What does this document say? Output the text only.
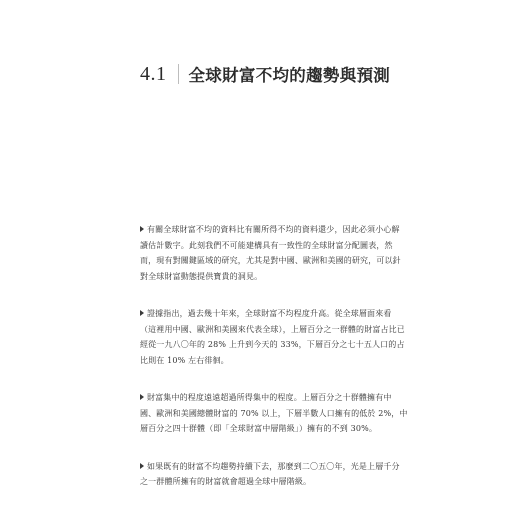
4.1 全球財富不均的趨勢與預測

有關全球財富不均的資料比有關所得不均的資料還少，因此必須小心解
讀估計數字。此刻我們不可能建構具有一致性的全球財富分配圖表，然
而，現有對關鍵區域的研究，尤其是對中國、歐洲和美國的研究，可以針
對全球財富動態提供寶貴的洞見。

證據指出，過去幾十年來，全球財富不均程度升高。從全球層面來看
（這裡用中國、歐洲和美國來代表全球），上層百分之一群體的財富占比已
經從一九八〇年的 28% 上升到今天的 33%，下層百分之七十五人口的占
比則在 10% 左右徘徊。

財富集中的程度遠遠超過所得集中的程度。上層百分之十群體擁有中
國、歐洲和美國總體財富的 70% 以上，下層半數人口擁有的低於 2%，中
層百分之四十群體（即「全球財富中層階級」）擁有的不到 30%。

如果既有的財富不均趨勢持續下去，那麼到二〇五〇年，光是上層千分
之一群體所擁有的財富就會超過全球中層階級。
